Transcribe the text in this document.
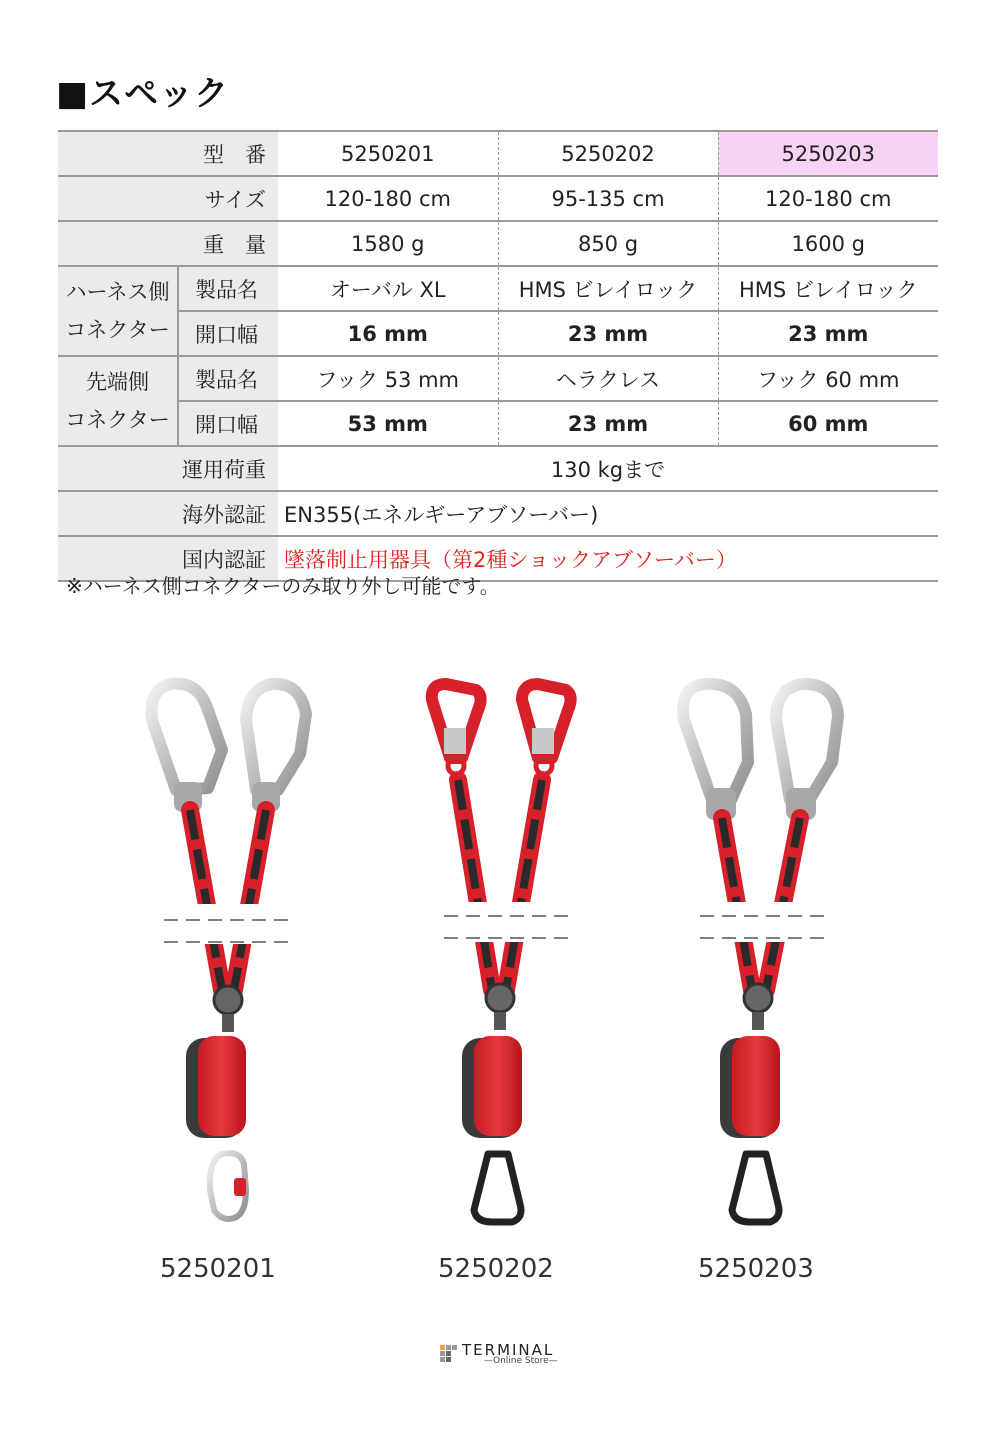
■スペック
型　番		5250201	5250202	5250203
サイズ		120-180 cm	95-135 cm	120-180 cm
重　量		1580 g	850 g	1600 g

ハーネス側
コネクター	製品名	オーバル XL	HMS ビレイロック	HMS ビレイロック
	開口幅	16 mm	23 mm	23 mm

先端側
コネクター	製品名	フック 53 mm	ヘラクレス	フック 60 mm
	開口幅	53 mm	23 mm	60 mm
運用荷重		130 kgまで		
海外認証		EN355(エネルギーアブソーバー)		
国内認証		墜落制止用器具（第2種ショックアブソーバー）		
※ハーネス側コネクターのみ取り外し可能です。
5250201	5250202	5250203
TERMINAL
—Online Store—
